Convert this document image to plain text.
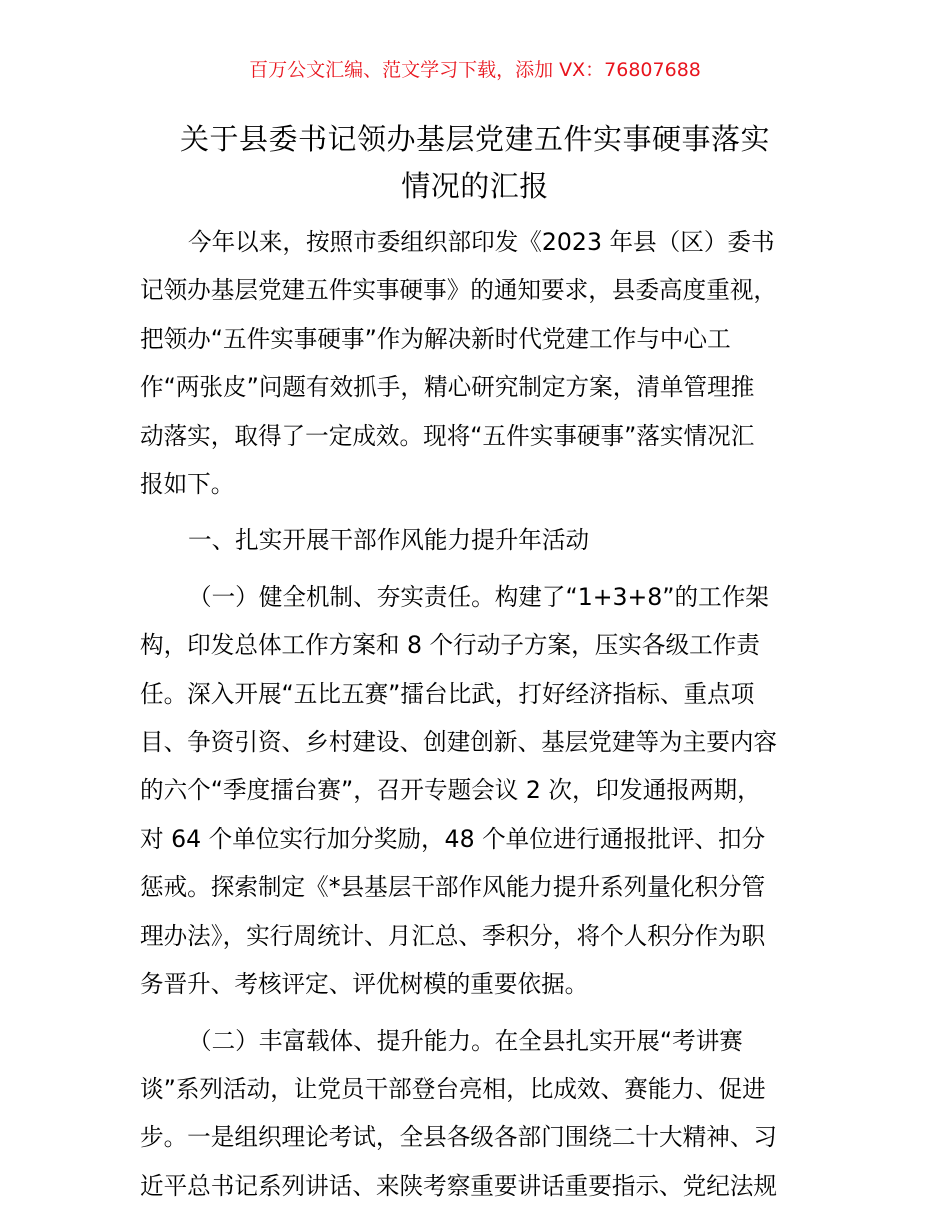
百万公文汇编、范文学习下载，添加 VX：76807688
关于县委书记领办基层党建五件实事硬事落实
情况的汇报

今年以来，按照市委组织部印发《2023 年县（区）委书
记领办基层党建五件实事硬事》的通知要求，县委高度重视，
把领办“五件实事硬事”作为解决新时代党建工作与中心工
作“两张皮”问题有效抓手，精心研究制定方案，清单管理推
动落实，取得了一定成效。现将“五件实事硬事”落实情况汇
报如下。

一、扎实开展干部作风能力提升年活动

（一）健全机制、夯实责任。构建了“1+3+8”的工作架
构，印发总体工作方案和 8 个行动子方案，压实各级工作责
任。深入开展“五比五赛”擂台比武，打好经济指标、重点项
目、争资引资、乡村建设、创建创新、基层党建等为主要内容
的六个“季度擂台赛”，召开专题会议 2 次，印发通报两期，
对 64 个单位实行加分奖励，48 个单位进行通报批评、扣分
惩戒。探索制定《*县基层干部作风能力提升系列量化积分管
理办法》，实行周统计、月汇总、季积分，将个人积分作为职
务晋升、考核评定、评优树模的重要依据。

（二）丰富载体、提升能力。在全县扎实开展“考讲赛
谈”系列活动，让党员干部登台亮相，比成效、赛能力、促进
步。一是组织理论考试，全县各级各部门围绕二十大精神、习
近平总书记系列讲话、来陕考察重要讲话重要指示、党纪法规
